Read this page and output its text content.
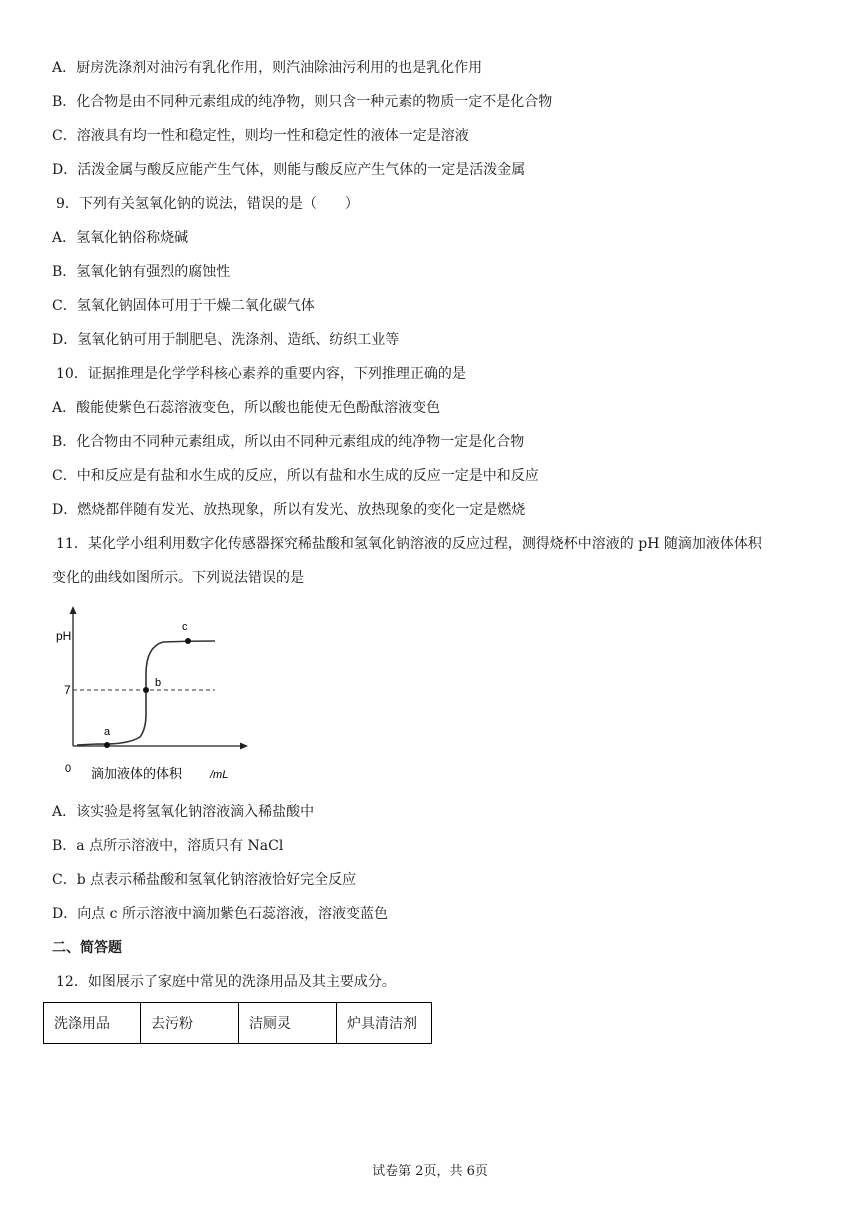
A．厨房洗涤剂对油污有乳化作用，则汽油除油污利用的也是乳化作用
B．化合物是由不同种元素组成的纯净物，则只含一种元素的物质一定不是化合物
C．溶液具有均一性和稳定性，则均一性和稳定性的液体一定是溶液
D．活泼金属与酸反应能产生气体，则能与酸反应产生气体的一定是活泼金属
9．下列有关氢氧化钠的说法，错误的是（　　）
A．氢氧化钠俗称烧碱
B．氢氧化钠有强烈的腐蚀性
C．氢氧化钠固体可用于干燥二氧化碳气体
D．氢氧化钠可用于制肥皂、洗涤剂、造纸、纺织工业等
10．证据推理是化学学科核心素养的重要内容，下列推理正确的是
A．酸能使紫色石蕊溶液变色，所以酸也能使无色酚酞溶液变色
B．化合物由不同种元素组成，所以由不同种元素组成的纯净物一定是化合物
C．中和反应是有盐和水生成的反应，所以有盐和水生成的反应一定是中和反应
D．燃烧都伴随有发光、放热现象，所以有发光、放热现象的变化一定是燃烧
11．某化学小组利用数字化传感器探究稀盐酸和氢氧化钠溶液的反应过程，测得烧杯中溶液的 pH 随滴加液体体积
变化的曲线如图所示。下列说法错误的是
a
b
c
pH
7
0 滴加液体的体积	/mL
A．该实验是将氢氧化钠溶液滴入稀盐酸中
B．a 点所示溶液中，溶质只有 NaCl
C．b 点表示稀盐酸和氢氧化钠溶液恰好完全反应
D．向点 c 所示溶液中滴加紫色石蕊溶液，溶液变蓝色
二、简答题
12．如图展示了家庭中常见的洗涤用品及其主要成分。
洗涤用品	去污粉	洁厕灵	炉具清洁剂
试卷第 2页，共 6页
